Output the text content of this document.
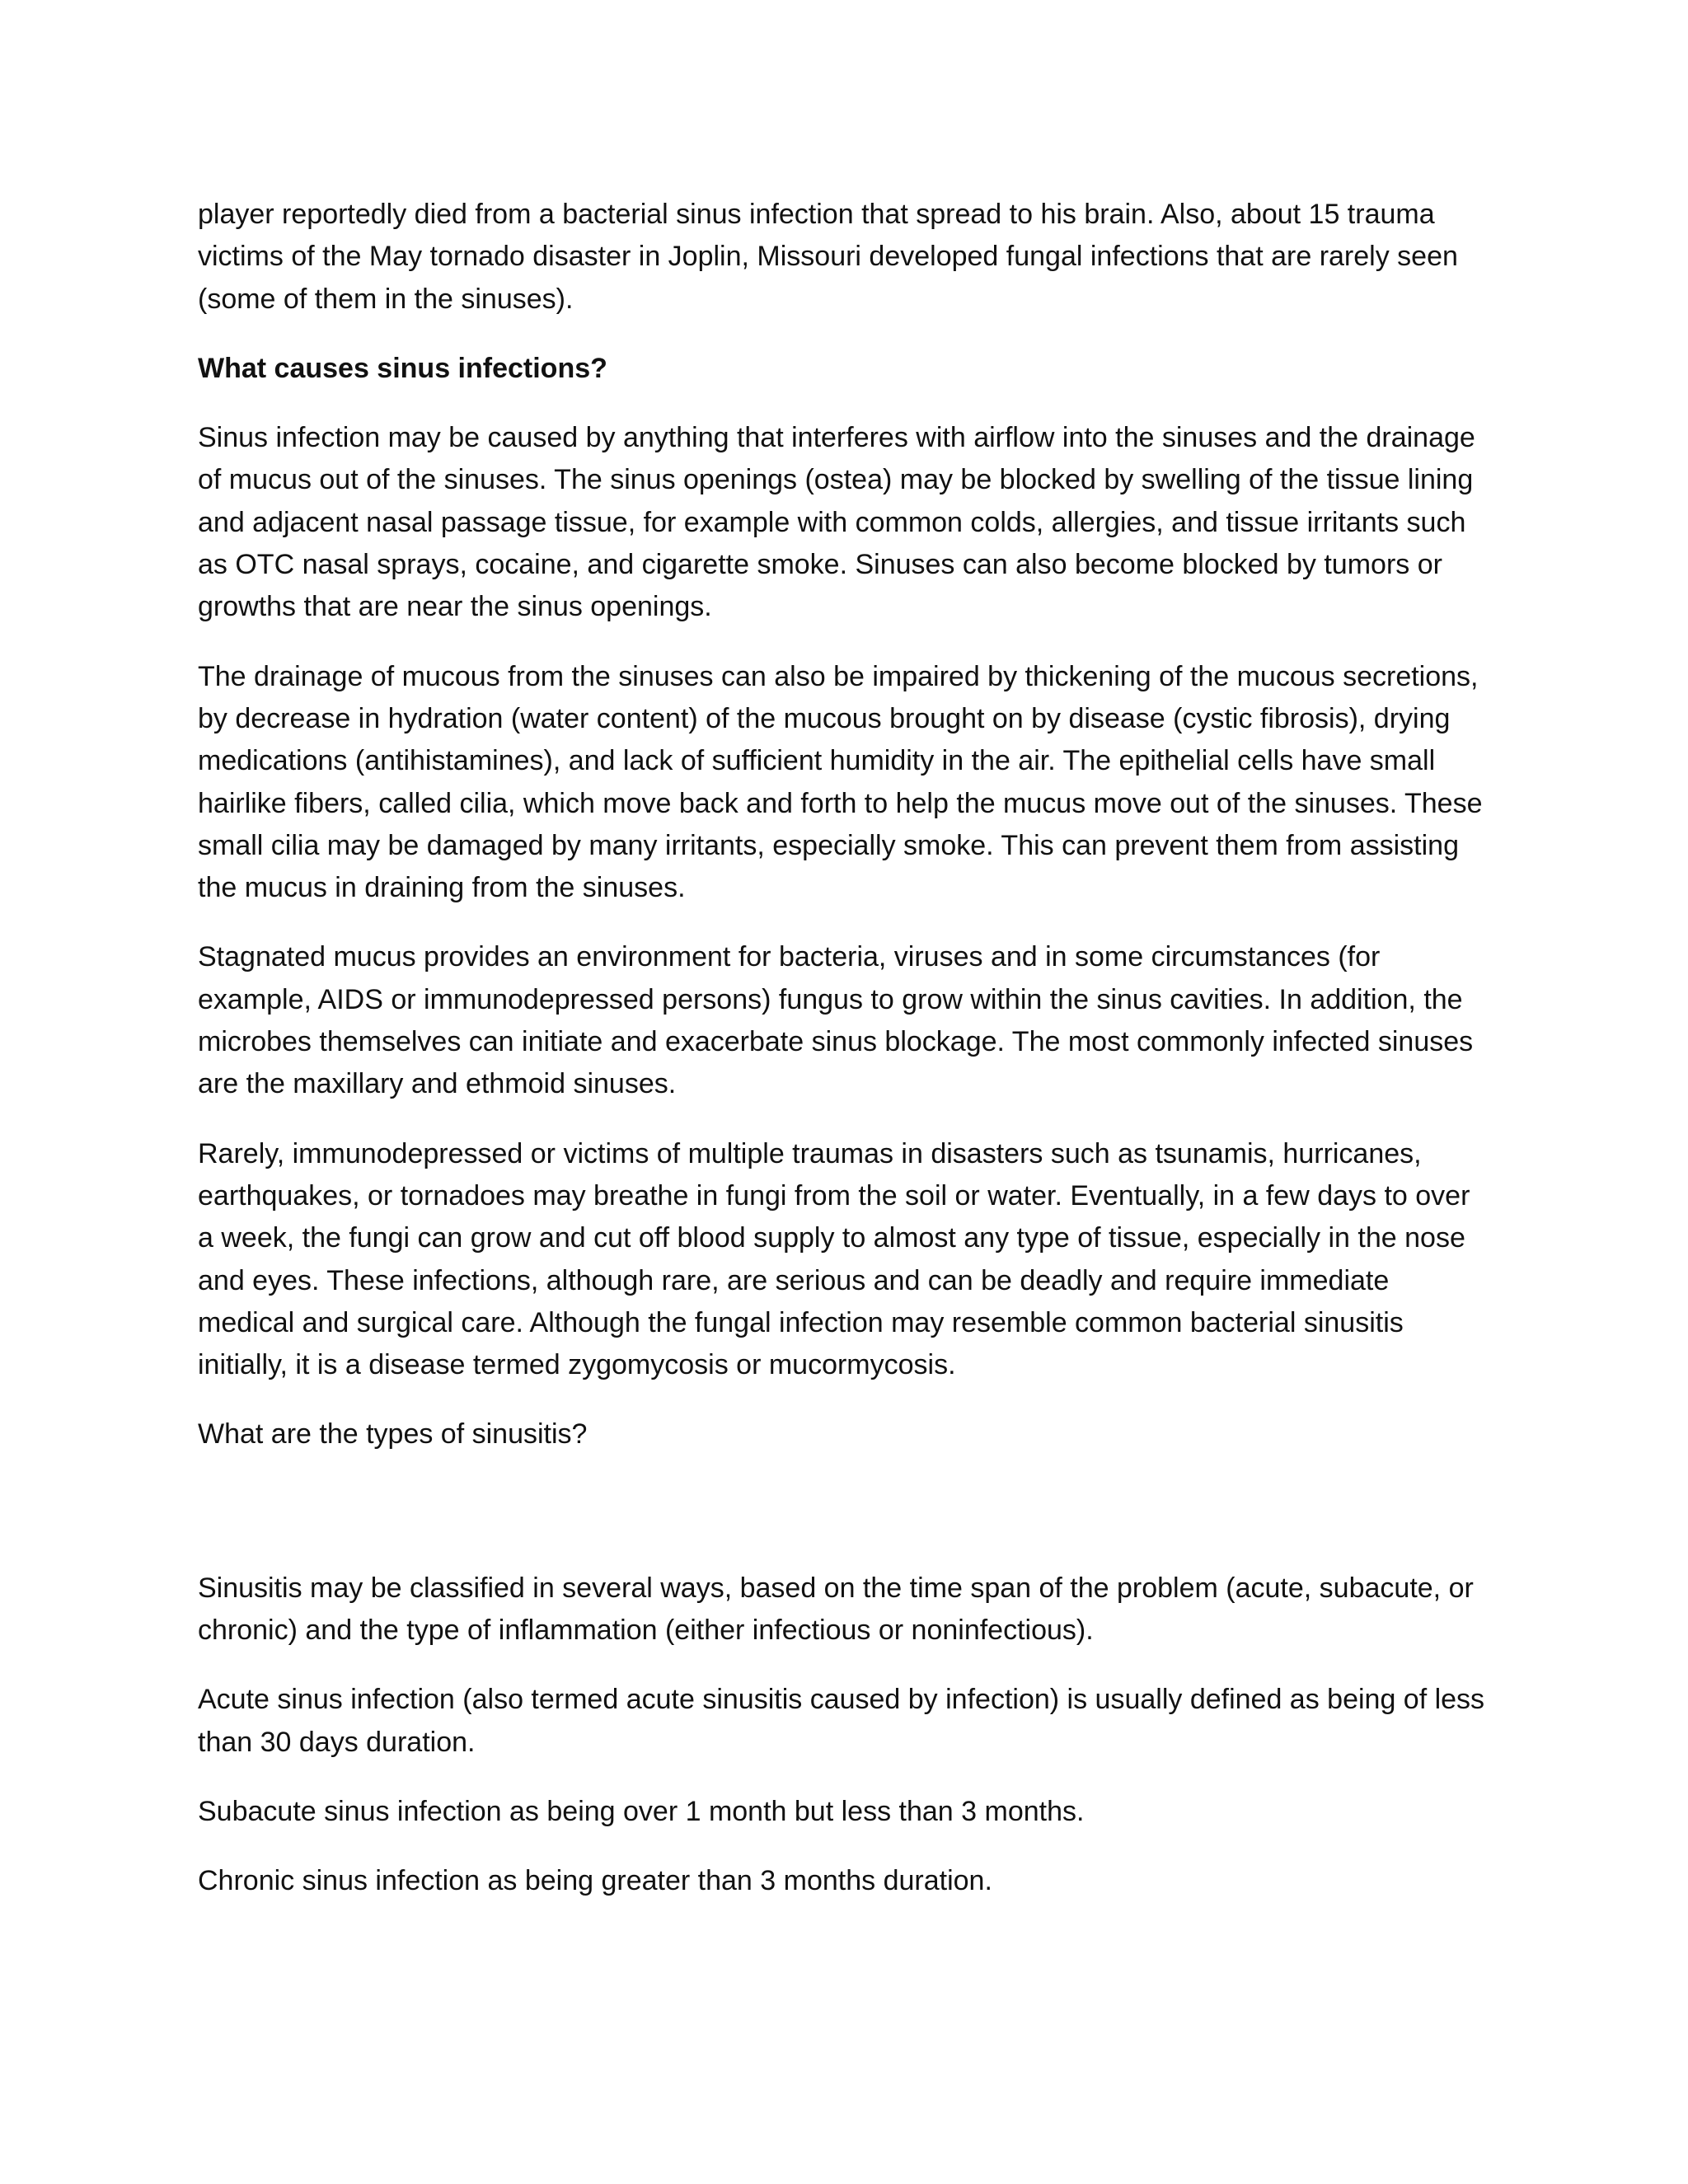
player reportedly died from a bacterial sinus infection that spread to his brain. Also, about 15 trauma victims of the May tornado disaster in Joplin, Missouri developed fungal infections that are rarely seen (some of them in the sinuses).

What causes sinus infections?

Sinus infection may be caused by anything that interferes with airflow into the sinuses and the drainage of mucus out of the sinuses. The sinus openings (ostea) may be blocked by swelling of the tissue lining and adjacent nasal passage tissue, for example with common colds, allergies, and tissue irritants such as OTC nasal sprays, cocaine, and cigarette smoke. Sinuses can also become blocked by tumors or growths that are near the sinus openings.

The drainage of mucous from the sinuses can also be impaired by thickening of the mucous secretions, by decrease in hydration (water content) of the mucous brought on by disease (cystic fibrosis), drying medications (antihistamines), and lack of sufficient humidity in the air. The epithelial cells have small hairlike fibers, called cilia, which move back and forth to help the mucus move out of the sinuses. These small cilia may be damaged by many irritants, especially smoke. This can prevent them from assisting the mucus in draining from the sinuses.

Stagnated mucus provides an environment for bacteria, viruses and in some circumstances (for example, AIDS or immunodepressed persons) fungus to grow within the sinus cavities. In addition, the microbes themselves can initiate and exacerbate sinus blockage. The most commonly infected sinuses are the maxillary and ethmoid sinuses.

Rarely, immunodepressed or victims of multiple traumas in disasters such as tsunamis, hurricanes, earthquakes, or tornadoes may breathe in fungi from the soil or water. Eventually, in a few days to over a week, the fungi can grow and cut off blood supply to almost any type of tissue, especially in the nose and eyes. These infections, although rare, are serious and can be deadly and require immediate medical and surgical care. Although the fungal infection may resemble common bacterial sinusitis initially, it is a disease termed zygomycosis or mucormycosis.

What are the types of sinusitis?

Sinusitis may be classified in several ways, based on the time span of the problem (acute, subacute, or chronic) and the type of inflammation (either infectious or noninfectious).

Acute sinus infection (also termed acute sinusitis caused by infection) is usually defined as being of less than 30 days duration.

Subacute sinus infection as being over 1 month but less than 3 months.

Chronic sinus infection as being greater than 3 months duration.
